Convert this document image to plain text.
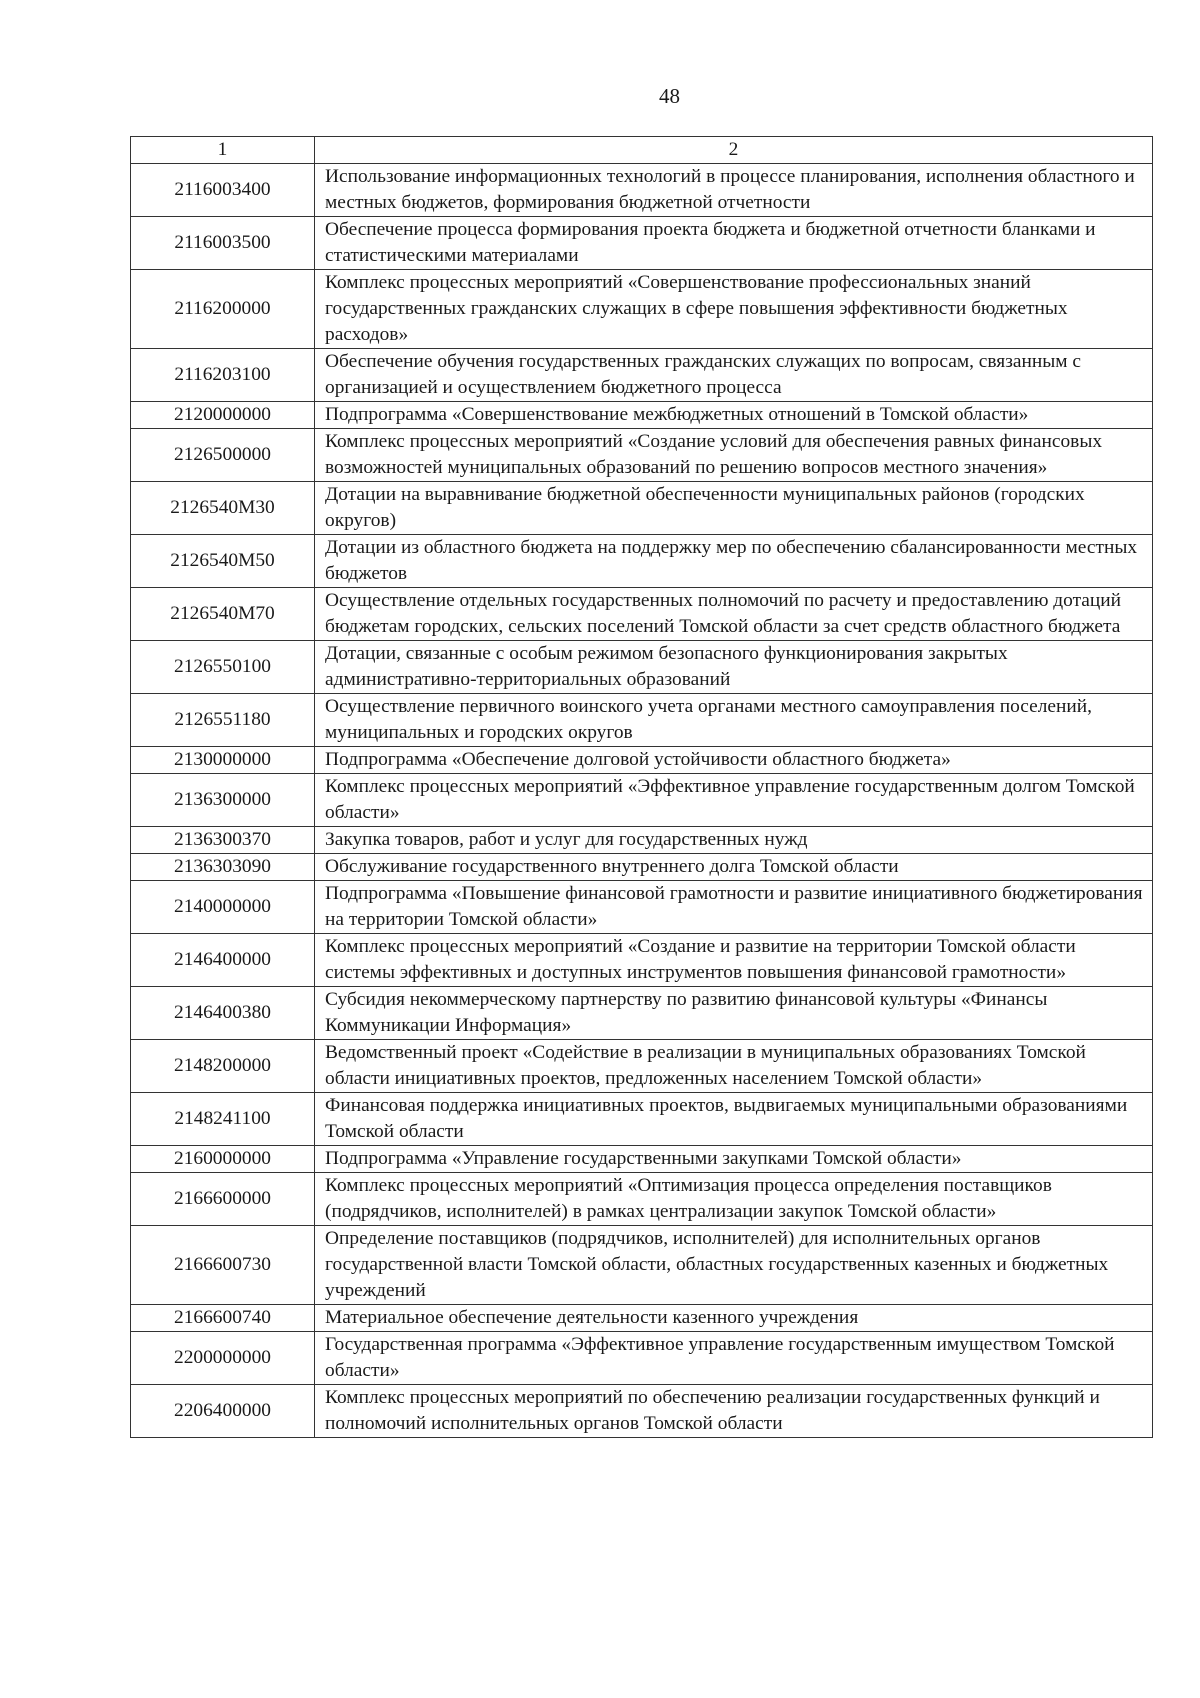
48
1	2
2116003400	Использование информационных технологий в процессе планирования, исполнения областного и местных бюджетов, формирования бюджетной отчетности
2116003500	Обеспечение процесса формирования проекта бюджета и бюджетной отчетности бланками и статистическими материалами
2116200000	Комплекс процессных мероприятий «Совершенствование профессиональных знаний государственных гражданских служащих в сфере повышения эффективности бюджетных расходов»
2116203100	Обеспечение обучения государственных гражданских служащих по вопросам, связанным с организацией и осуществлением бюджетного процесса
2120000000	Подпрограмма «Совершенствование межбюджетных отношений в Томской области»
2126500000	Комплекс процессных мероприятий «Создание условий для обеспечения равных финансовых возможностей муниципальных образований по решению вопросов местного значения»
2126540М30	Дотации на выравнивание бюджетной обеспеченности муниципальных районов (городских округов)
2126540М50	Дотации из областного бюджета на поддержку мер по обеспечению сбалансированности местных бюджетов
2126540М70	Осуществление отдельных государственных полномочий по расчету и предоставлению дотаций бюджетам городских, сельских поселений Томской области за счет средств областного бюджета
2126550100	Дотации, связанные с особым режимом безопасного функционирования закрытых административно-территориальных образований
2126551180	Осуществление первичного воинского учета органами местного самоуправления поселений, муниципальных и городских округов
2130000000	Подпрограмма «Обеспечение долговой устойчивости областного бюджета»
2136300000	Комплекс процессных мероприятий «Эффективное управление государственным долгом Томской области»
2136300370	Закупка товаров, работ и услуг для государственных нужд
2136303090	Обслуживание государственного внутреннего долга Томской области
2140000000	Подпрограмма «Повышение финансовой грамотности и развитие инициативного бюджетирования на территории Томской области»
2146400000	Комплекс процессных мероприятий «Создание и развитие на территории Томской области системы эффективных и доступных инструментов повышения финансовой грамотности»
2146400380	Субсидия некоммерческому партнерству по развитию финансовой культуры «Финансы Коммуникации Информация»
2148200000	Ведомственный проект «Содействие в реализации в муниципальных образованиях Томской области инициативных проектов, предложенных населением Томской области»
2148241100	Финансовая поддержка инициативных проектов, выдвигаемых муниципальными образованиями Томской области
2160000000	Подпрограмма «Управление государственными закупками Томской области»
2166600000	Комплекс процессных мероприятий «Оптимизация процесса определения поставщиков (подрядчиков, исполнителей) в рамках централизации закупок Томской области»
2166600730	Определение поставщиков (подрядчиков, исполнителей) для исполнительных органов государственной власти Томской области, областных государственных казенных и бюджетных учреждений
2166600740	Материальное обеспечение деятельности казенного учреждения
2200000000	Государственная программа «Эффективное управление государственным имуществом Томской области»
2206400000	Комплекс процессных мероприятий по обеспечению реализации государственных функций и полномочий исполнительных органов Томской области
